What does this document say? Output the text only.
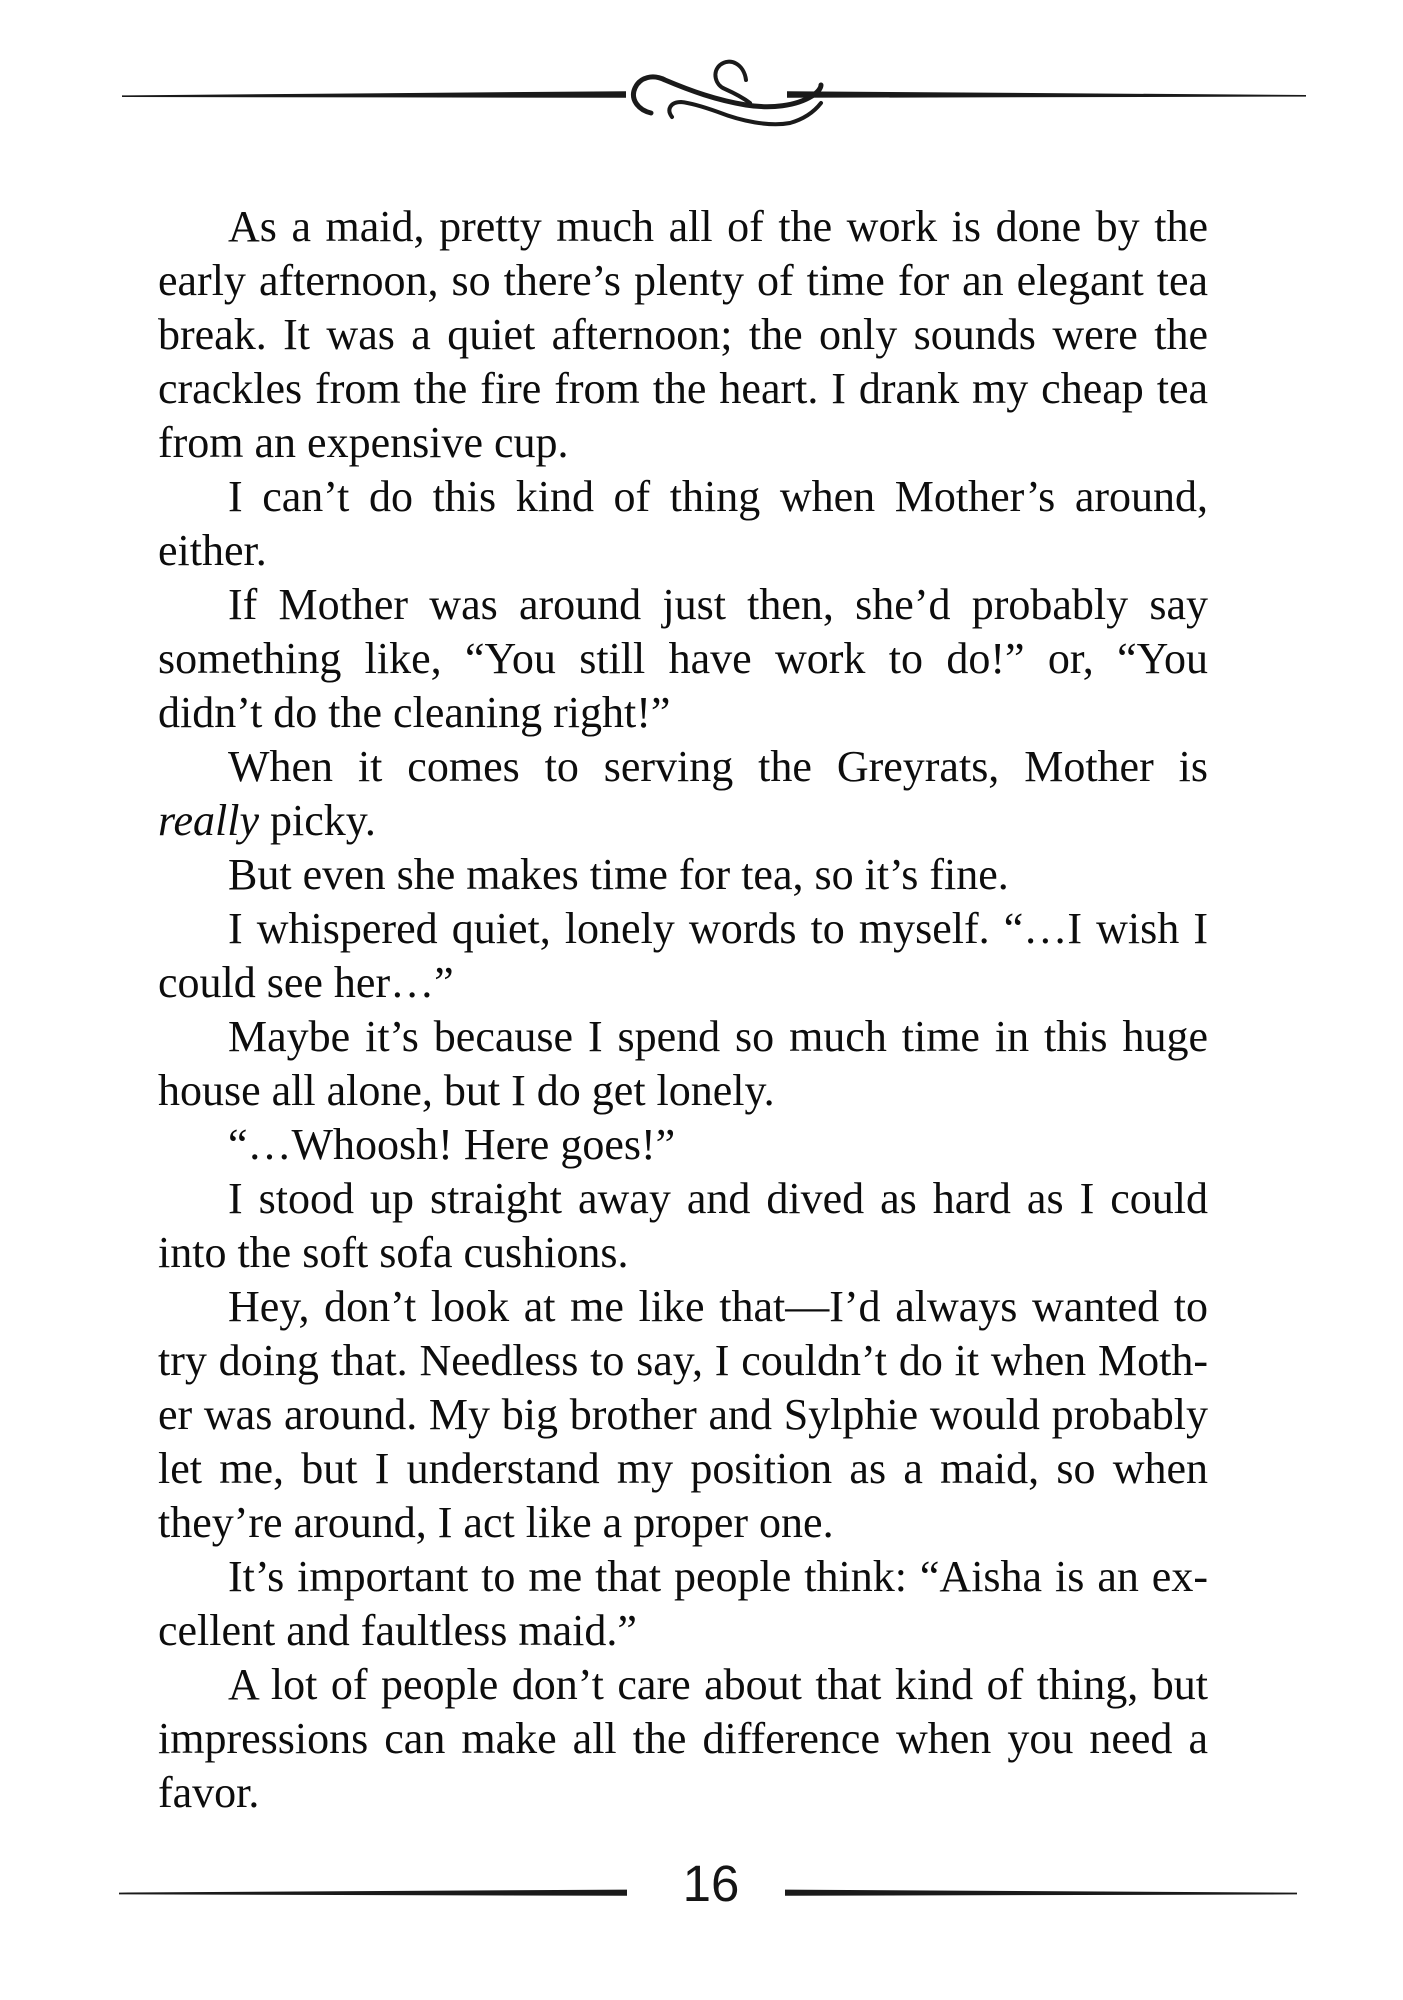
As a maid, pretty much all of the work is done by the early afternoon, so there’s plenty of time for an elegant tea break. It was a quiet afternoon; the only sounds were the crackles from the fire from the heart. I drank my cheap tea from an expensive cup.

I can’t do this kind of thing when Mother’s around, either.

If Mother was around just then, she’d probably say something like, “You still have work to do!” or, “You didn’t do the cleaning right!”

When it comes to serving the Greyrats, Mother is really picky.

But even she makes time for tea, so it’s fine.

I whispered quiet, lonely words to myself. “…I wish I could see her…”

Maybe it’s because I spend so much time in this huge house all alone, but I do get lonely.

“…Whoosh! Here goes!”

I stood up straight away and dived as hard as I could into the soft sofa cushions.

Hey, don’t look at me like that—I’d always wanted to try doing that. Needless to say, I couldn’t do it when Mother was around. My big brother and Sylphie would probably let me, but I understand my position as a maid, so when they’re around, I act like a proper one.

It’s important to me that people think: “Aisha is an excellent and faultless maid.”

A lot of people don’t care about that kind of thing, but impressions can make all the difference when you need a favor.

16
